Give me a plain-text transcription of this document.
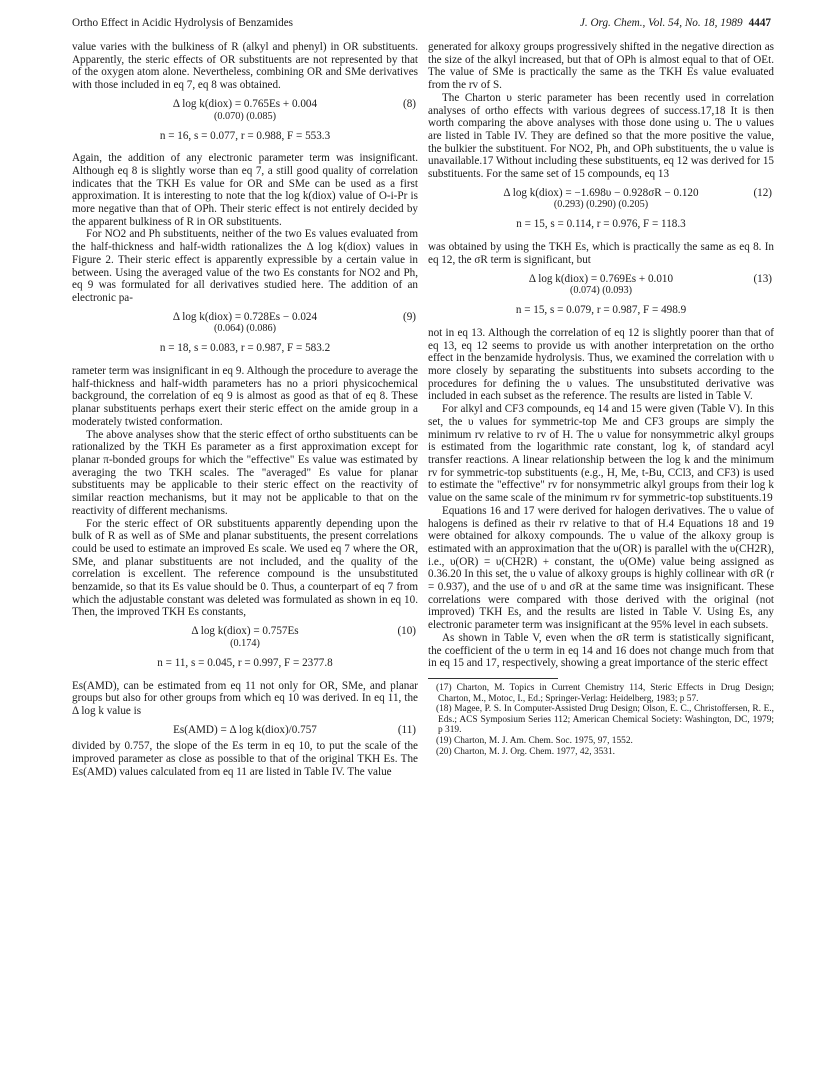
Ortho Effect in Acidic Hydrolysis of Benzamides	J. Org. Chem., Vol. 54, No. 18, 1989 4447

value varies with the bulkiness of R (alkyl and phenyl) in OR substituents. Apparently, the steric effects of OR substituents are not represented by that of the oxygen atom alone. Nevertheless, combining OR and SMe derivatives with those included in eq 7, eq 8 was obtained.

Δ log k(diox) = 0.765Es + 0.004	(8)
(0.070) (0.085)
n = 16, s = 0.077, r = 0.988, F = 553.3

Again, the addition of any electronic parameter term was insignificant. Although eq 8 is slightly worse than eq 7, a still good quality of correlation indicates that the TKH Es value for OR and SMe can be used as a first approximation. It is interesting to note that the log k(diox) value of O-i-Pr is more negative than that of OPh. Their steric effect is not entirely decided by the apparent bulkiness of R in OR substituents.

For NO2 and Ph substituents, neither of the two Es values evaluated from the half-thickness and half-width rationalizes the Δ log k(diox) values in Figure 2. Their steric effect is apparently expressible by a certain value in between. Using the averaged value of the two Es constants for NO2 and Ph, eq 9 was formulated for all derivatives studied here. The addition of an electronic pa-

Δ log k(diox) = 0.728Es − 0.024	(9)
(0.064) (0.086)
n = 18, s = 0.083, r = 0.987, F = 583.2

rameter term was insignificant in eq 9. Although the procedure to average the half-thickness and half-width parameters has no a priori physicochemical background, the correlation of eq 9 is almost as good as that of eq 8. These planar substituents perhaps exert their steric effect on the amide group in a moderately twisted conformation.

The above analyses show that the steric effect of ortho substituents can be rationalized by the TKH Es parameter as a first approximation except for planar π-bonded groups for which the "effective" Es value was estimated by averaging the two TKH scales. The "averaged" Es value for planar substituents may be applicable to their steric effect on the reactivity of similar reaction mechanisms, but it may not be applicable to that on the reactivity of different mechanisms.

For the steric effect of OR substituents apparently depending upon the bulk of R as well as of SMe and planar substituents, the present correlations could be used to estimate an improved Es scale. We used eq 7 where the OR, SMe, and planar substituents are not included, and the quality of the correlation is excellent. The reference compound is the unsubstituted benzamide, so that its Es value should be 0. Thus, a counterpart of eq 7 from which the adjustable constant was deleted was formulated as shown in eq 10. Then, the improved TKH Es constants,

Δ log k(diox) = 0.757Es	(10)
(0.174)
n = 11, s = 0.045, r = 0.997, F = 2377.8

Es(AMD), can be estimated from eq 11 not only for OR, SMe, and planar groups but also for other groups from which eq 10 was derived. In eq 11, the Δ log k value is

Es(AMD) = Δ log k(diox)/0.757	(11)

divided by 0.757, the slope of the Es term in eq 10, to put the scale of the improved parameter as close as possible to that of the original TKH Es. The Es(AMD) values calculated from eq 11 are listed in Table IV. The value

generated for alkoxy groups progressively shifted in the negative direction as the size of the alkyl increased, but that of OPh is almost equal to that of OEt. The value of SMe is practically the same as the TKH Es value evaluated from the rv of S.

The Charton υ steric parameter has been recently used in correlation analyses of ortho effects with various degrees of success.17,18 It is then worth comparing the above analyses with those done using υ. The υ values are listed in Table IV. They are defined so that the more positive the value, the bulkier the substituent. For NO2, Ph, and OPh substituents, the υ value is unavailable.17 Without including these substituents, eq 12 was derived for 15 substituents. For the same set of 15 compounds, eq 13

Δ log k(diox) = −1.698υ − 0.928σR − 0.120	(12)
(0.293) (0.290) (0.205)
n = 15, s = 0.114, r = 0.976, F = 118.3

was obtained by using the TKH Es, which is practically the same as eq 8. In eq 12, the σR term is significant, but

Δ log k(diox) = 0.769Es + 0.010	(13)
(0.074) (0.093)
n = 15, s = 0.079, r = 0.987, F = 498.9

not in eq 13. Although the correlation of eq 12 is slightly poorer than that of eq 13, eq 12 seems to provide us with another interpretation on the ortho effect in the benzamide hydrolysis. Thus, we examined the correlation with υ more closely by separating the substituents into subsets according to the procedures for defining the υ values. The unsubstituted derivative was included in each subset as the reference. The results are listed in Table V.

For alkyl and CF3 compounds, eq 14 and 15 were given (Table V). In this set, the υ values for symmetric-top Me and CF3 groups are simply the minimum rv relative to rv of H. The υ value for nonsymmetric alkyl groups is estimated from the logarithmic rate constant, log k, of standard acyl transfer reactions. A linear relationship between the log k and the minimum rv for symmetric-top substituents (e.g., H, Me, t-Bu, CCl3, and CF3) is used to estimate the "effective" rv for nonsymmetric alkyl groups from their log k value on the same scale of the minimum rv for symmetric-top substituents.19

Equations 16 and 17 were derived for halogen derivatives. The υ value of halogens is defined as their rv relative to that of H.4 Equations 18 and 19 were obtained for alkoxy compounds. The υ value of the alkoxy group is estimated with an approximation that the υ(OR) is parallel with the υ(CH2R), i.e., υ(OR) = υ(CH2R) + constant, the υ(OMe) value being assigned as 0.36.20 In this set, the υ value of alkoxy groups is highly collinear with σR (r = 0.937), and the use of υ and σR at the same time was insignificant. These correlations were compared with those derived with the original (not improved) TKH Es, and the results are listed in Table V. Using Es, any electronic parameter term was insignificant at the 95% level in each subsets.

As shown in Table V, even when the σR term is statistically significant, the coefficient of the υ term in eq 14 and 16 does not change much from that in eq 15 and 17, respectively, showing a great importance of the steric effect

(17) Charton, M. Topics in Current Chemistry 114, Steric Effects in Drug Design; Charton, M., Motoc, I., Ed.; Springer-Verlag: Heidelberg, 1983; p 57.

(18) Magee, P. S. In Computer-Assisted Drug Design; Olson, E. C., Christoffersen, R. E., Eds.; ACS Symposium Series 112; American Chemical Society: Washington, DC, 1979; p 319.

(19) Charton, M. J. Am. Chem. Soc. 1975, 97, 1552.

(20) Charton, M. J. Org. Chem. 1977, 42, 3531.
